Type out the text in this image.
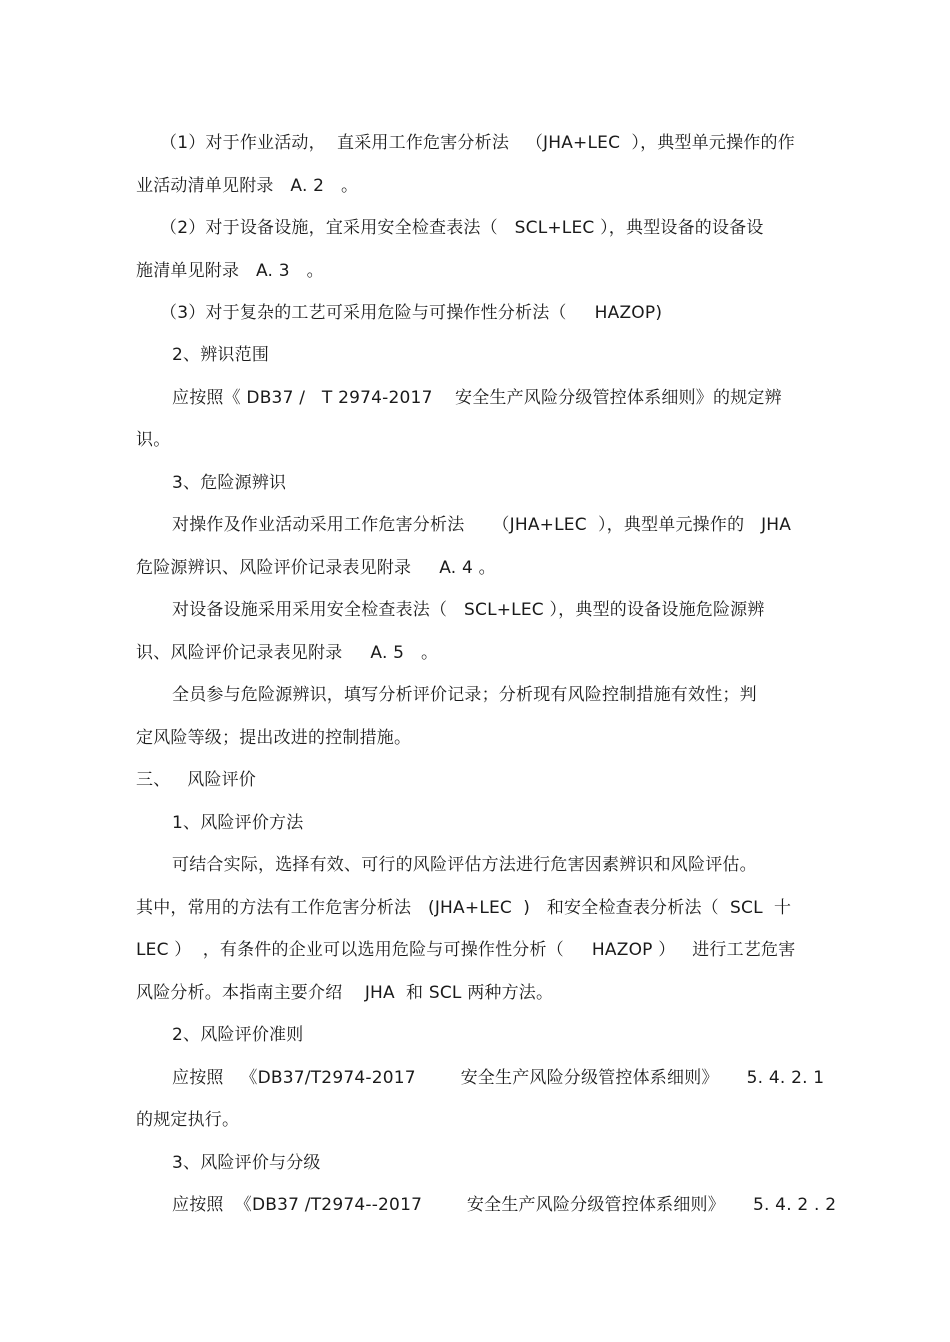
（1）对于作业活动，  直采用工作危害分析法   （JHA+LEC  ），典型单元操作的作
业活动清单见附录   A. 2   。
（2）对于设备设施，宜采用安全检查表法（   SCL+LEC ），典型设备的设备设
施清单见附录   A. 3   。
（3）对于复杂的工艺可采用危险与可操作性分析法（     HAZOP)
2、辨识范围
应按照《 DB37 /   T 2974-2017    安全生产风险分级管控体系细则》的规定辨
识。
3、危险源辨识
对操作及作业活动采用工作危害分析法     （JHA+LEC  ），典型单元操作的   JHA
危险源辨识、风险评价记录表见附录     A. 4 。
对设备设施采用采用安全检查表法（   SCL+LEC ），典型的设备设施危险源辨
识、风险评价记录表见附录     A. 5   。
全员参与危险源辨识，填写分析评价记录；分析现有风险控制措施有效性；判
定风险等级；提出改进的控制措施。
三、   风险评价
1、风险评价方法
可结合实际，选择有效、可行的风险评估方法进行危害因素辨识和风险评估。
其中，常用的方法有工作危害分析法   (JHA+LEC  )   和安全检查表分析法（  SCL  十
LEC ）  ，有条件的企业可以选用危险与可操作性分析（     HAZOP ）   进行工艺危害
风险分析。本指南主要介绍    JHA  和 SCL 两种方法。
2、风险评价准则
应按照   《DB37/T2974-2017        安全生产风险分级管控体系细则》     5. 4. 2. 1
的规定执行。
3、风险评价与分级
应按照  《DB37 /T2974--2017        安全生产风险分级管控体系细则》     5. 4. 2 . 2
